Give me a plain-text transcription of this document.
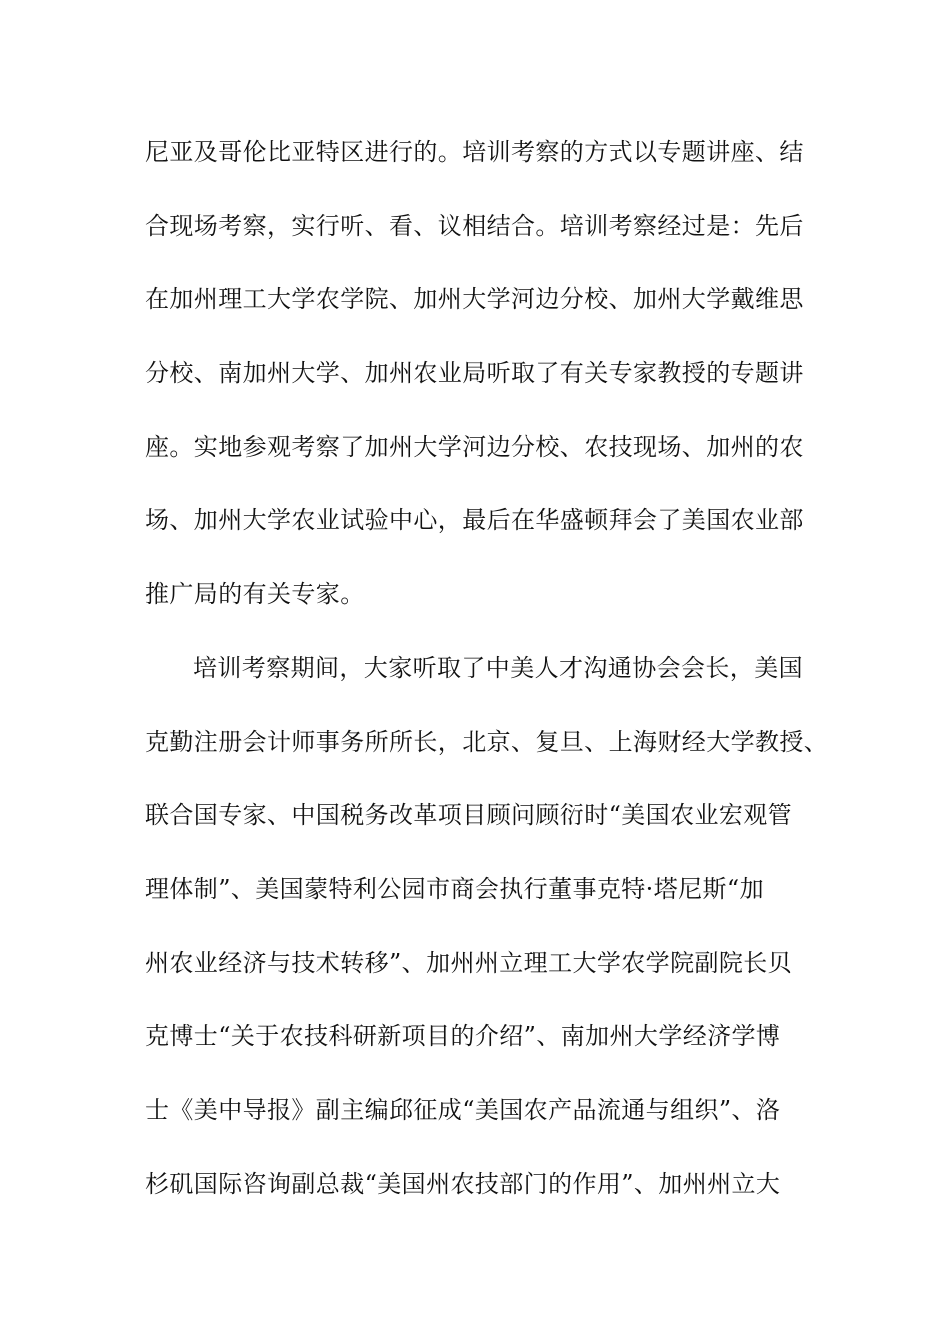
尼亚及哥伦比亚特区进行的。培训考察的方式以专题讲座、结
合现场考察，实行听、看、议相结合。培训考察经过是：先后
在加州理工大学农学院、加州大学河边分校、加州大学戴维思
分校、南加州大学、加州农业局听取了有关专家教授的专题讲
座。实地参观考察了加州大学河边分校、农技现场、加州的农
场、加州大学农业试验中心，最后在华盛顿拜会了美国农业部
推广局的有关专家。
培训考察期间，大家听取了中美人才沟通协会会长，美国
克勤注册会计师事务所所长，北京、复旦、上海财经大学教授、
联合国专家、中国税务改革项目顾问顾衍时“美国农业宏观管
理体制”、美国蒙特利公园市商会执行董事克特·塔尼斯“加
州农业经济与技术转移”、加州州立理工大学农学院副院长贝
克博士“关于农技科研新项目的介绍”、南加州大学经济学博
士《美中导报》副主编邱征成“美国农产品流通与组织”、洛
杉矶国际咨询副总裁“美国州农技部门的作用”、加州州立大
